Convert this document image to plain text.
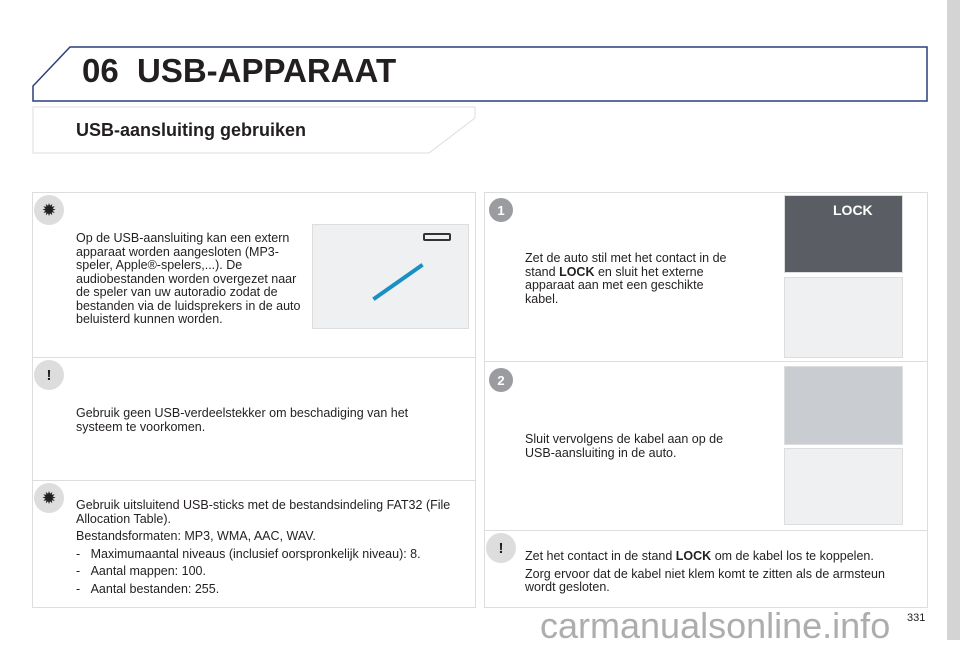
06 USB-APPARAAT
USB-aansluiting gebruiken
✹
Op de USB-aansluiting kan een extern apparaat worden aangesloten (MP3-speler, Apple®-spelers,...). De audiobestanden worden overgezet naar de speler van uw autoradio zodat de bestanden via de luidsprekers in de auto beluisterd kunnen worden.
!
Gebruik geen USB-verdeelstekker om beschadiging van het systeem te voorkomen.
✹	Gebruik uitsluitend USB-sticks met de bestandsindeling FAT32 (File Allocation Table).

Bestandsformaten: MP3, WMA, AAC, WAV.

-   Maximumaantal niveaus (inclusief oorspronkelijk niveau): 8.

-   Aantal mappen: 100.

-   Aantal bestanden: 255.

1
Zet de auto stil met het contact in de stand LOCK en sluit het externe apparaat aan met een geschikte kabel.
LOCK
2
Sluit vervolgens de kabel aan op de USB-aansluiting in de auto.
!	Zet het contact in de stand LOCK om de kabel los te koppelen.

Zorg ervoor dat de kabel niet klem komt te zitten als de armsteun wordt gesloten.

carmanualsonline.info 331
